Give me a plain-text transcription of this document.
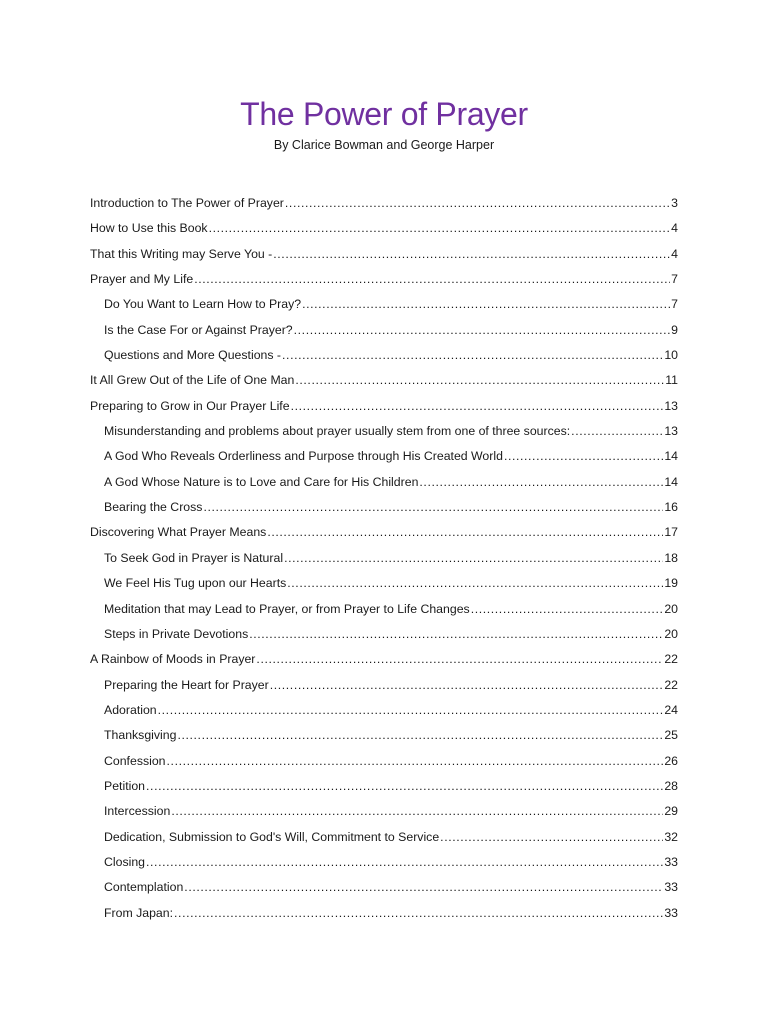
The Power of Prayer
By Clarice Bowman and George Harper
Introduction to The Power of Prayer .....	3
How to Use this Book .....	4
That this Writing may Serve You - .....	4
Prayer and My Life .....	7
Do You Want to Learn How to Pray? .....	7
Is the Case For or Against Prayer? .....	9
Questions and More Questions - .....	10
It All Grew Out of the Life of One Man .....	11
Preparing to Grow in Our Prayer Life .....	13
Misunderstanding and problems about prayer usually stem from one of three sources: .....	13
A God Who Reveals Orderliness and Purpose through His Created World .....	14
A God Whose Nature is to Love and Care for His Children .....	14
Bearing the Cross .....	16
Discovering What Prayer Means .....	17
To Seek God in Prayer is Natural .....	18
We Feel His Tug upon our Hearts .....	19
Meditation that may Lead to Prayer, or from Prayer to Life Changes .....	20
Steps in Private Devotions .....	20
A Rainbow of Moods in Prayer .....	22
Preparing the Heart for Prayer .....	22
Adoration .....	24
Thanksgiving .....	25
Confession .....	26
Petition .....	28
Intercession .....	29
Dedication, Submission to God's Will, Commitment to Service .....	32
Closing .....	33
Contemplation .....	33
From Japan: .....	33
